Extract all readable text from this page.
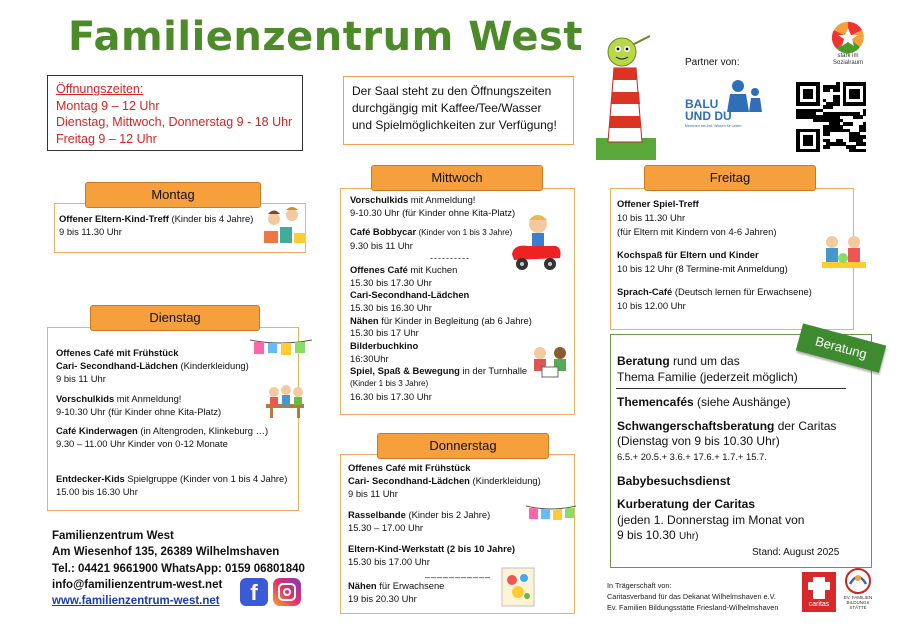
Familienzentrum West
Öffnungszeiten:
Montag 9 – 12 Uhr
Dienstag, Mittwoch, Donnerstag 9 - 18 Uhr
Freitag 9 – 12 Uhr
Der Saal steht zu den Öffnungszeiten
durchgängig mit Kaffee/Tee/Wasser
und Spielmöglichkeiten zur Verfügung!
Partner von:
BALU
UND DU
Mentoren mit Zeit. Wissen für Leben.
stark im
Sozialraum
Montag
Offener Eltern-Kind-Treff (Kinder bis 4 Jahre)
9 bis 11.30 Uhr
Dienstag
Offenes Café mit Frühstück
Cari- Secondhand-Lädchen (Kinderkleidung)
9 bis 11 Uhr
Vorschulkids mit Anmeldung!
9-10.30 Uhr (für Kinder ohne Kita-Platz)
Café Kinderwagen (in Altengroden, Klinkeburg …)
9.30 – 11.00 Uhr Kinder von 0-12 Monate
Entdecker-Kids Spielgruppe (Kinder von 1 bis 4 Jahre)
15.00 bis 16.30 Uhr
Mittwoch
Vorschulkids mit Anmeldung!
9-10.30 Uhr (für Kinder ohne Kita-Platz)
Café Bobbycar (Kinder von 1 bis 3 Jahre)
9.30 bis 11 Uhr
----------
Offenes Café mit Kuchen
15.30 bis 17.30 Uhr
Cari-Secondhand-Lädchen
15.30 bis 16.30 Uhr
Nähen für Kinder in Begleitung (ab 6 Jahre)
15.30 bis 17 Uhr
Bilderbuchkino
16:30Uhr
Spiel, Spaß & Bewegung in der Turnhalle
(Kinder 1 bis 3 Jahre)
16.30 bis 17.30 Uhr
Donnerstag
Offenes Café mit Frühstück
Cari- Secondhand-Lädchen (Kinderkleidung)
9 bis 11 Uhr
Rasselbande (Kinder bis 2 Jahre)
15.30 – 17.00 Uhr
Eltern-Kind-Werkstatt (2 bis 10 Jahre)
15.30 bis 17.00 Uhr
___________
Nähen für Erwachsene
19 bis 20.30 Uhr
Freitag
Offener Spiel-Treff
10 bis 11.30 Uhr
(für Eltern mit Kindern von 4-6 Jahren)
Kochspaß für Eltern und Kinder
10 bis 12 Uhr (8 Termine-mit Anmeldung)
Sprach-Café (Deutsch lernen für Erwachsene)
10 bis 12.00 Uhr
Beratung
Beratung rund um das
Thema Familie (jederzeit möglich)
Themencafés (siehe Aushänge)
Schwangerschaftsberatung der Caritas
(Dienstag von 9 bis 10.30 Uhr)
6.5.+ 20.5.+ 3.6.+ 17.6.+ 1.7.+ 15.7.
Babybesuchsdienst
Kurberatung der Caritas
(jeden 1. Donnerstag im Monat von
9 bis 10.30 Uhr)
Stand: August 2025
Familienzentrum West
Am Wiesenhof 135, 26389 Wilhelmshaven
Tel.: 04421 9661900 WhatsApp: 0159 06801840
info@familienzentrum-west.net
www.familienzentrum-west.net	f	In Trägerschaft von:
Caritasverband für das Dekanat Wilhelmshaven e.V.
Ev. Familien Bildungsstätte Friesland-Wilhelmshaven	caritas
EV. FAMILIEN
BILDUNGS
STÄTTE
